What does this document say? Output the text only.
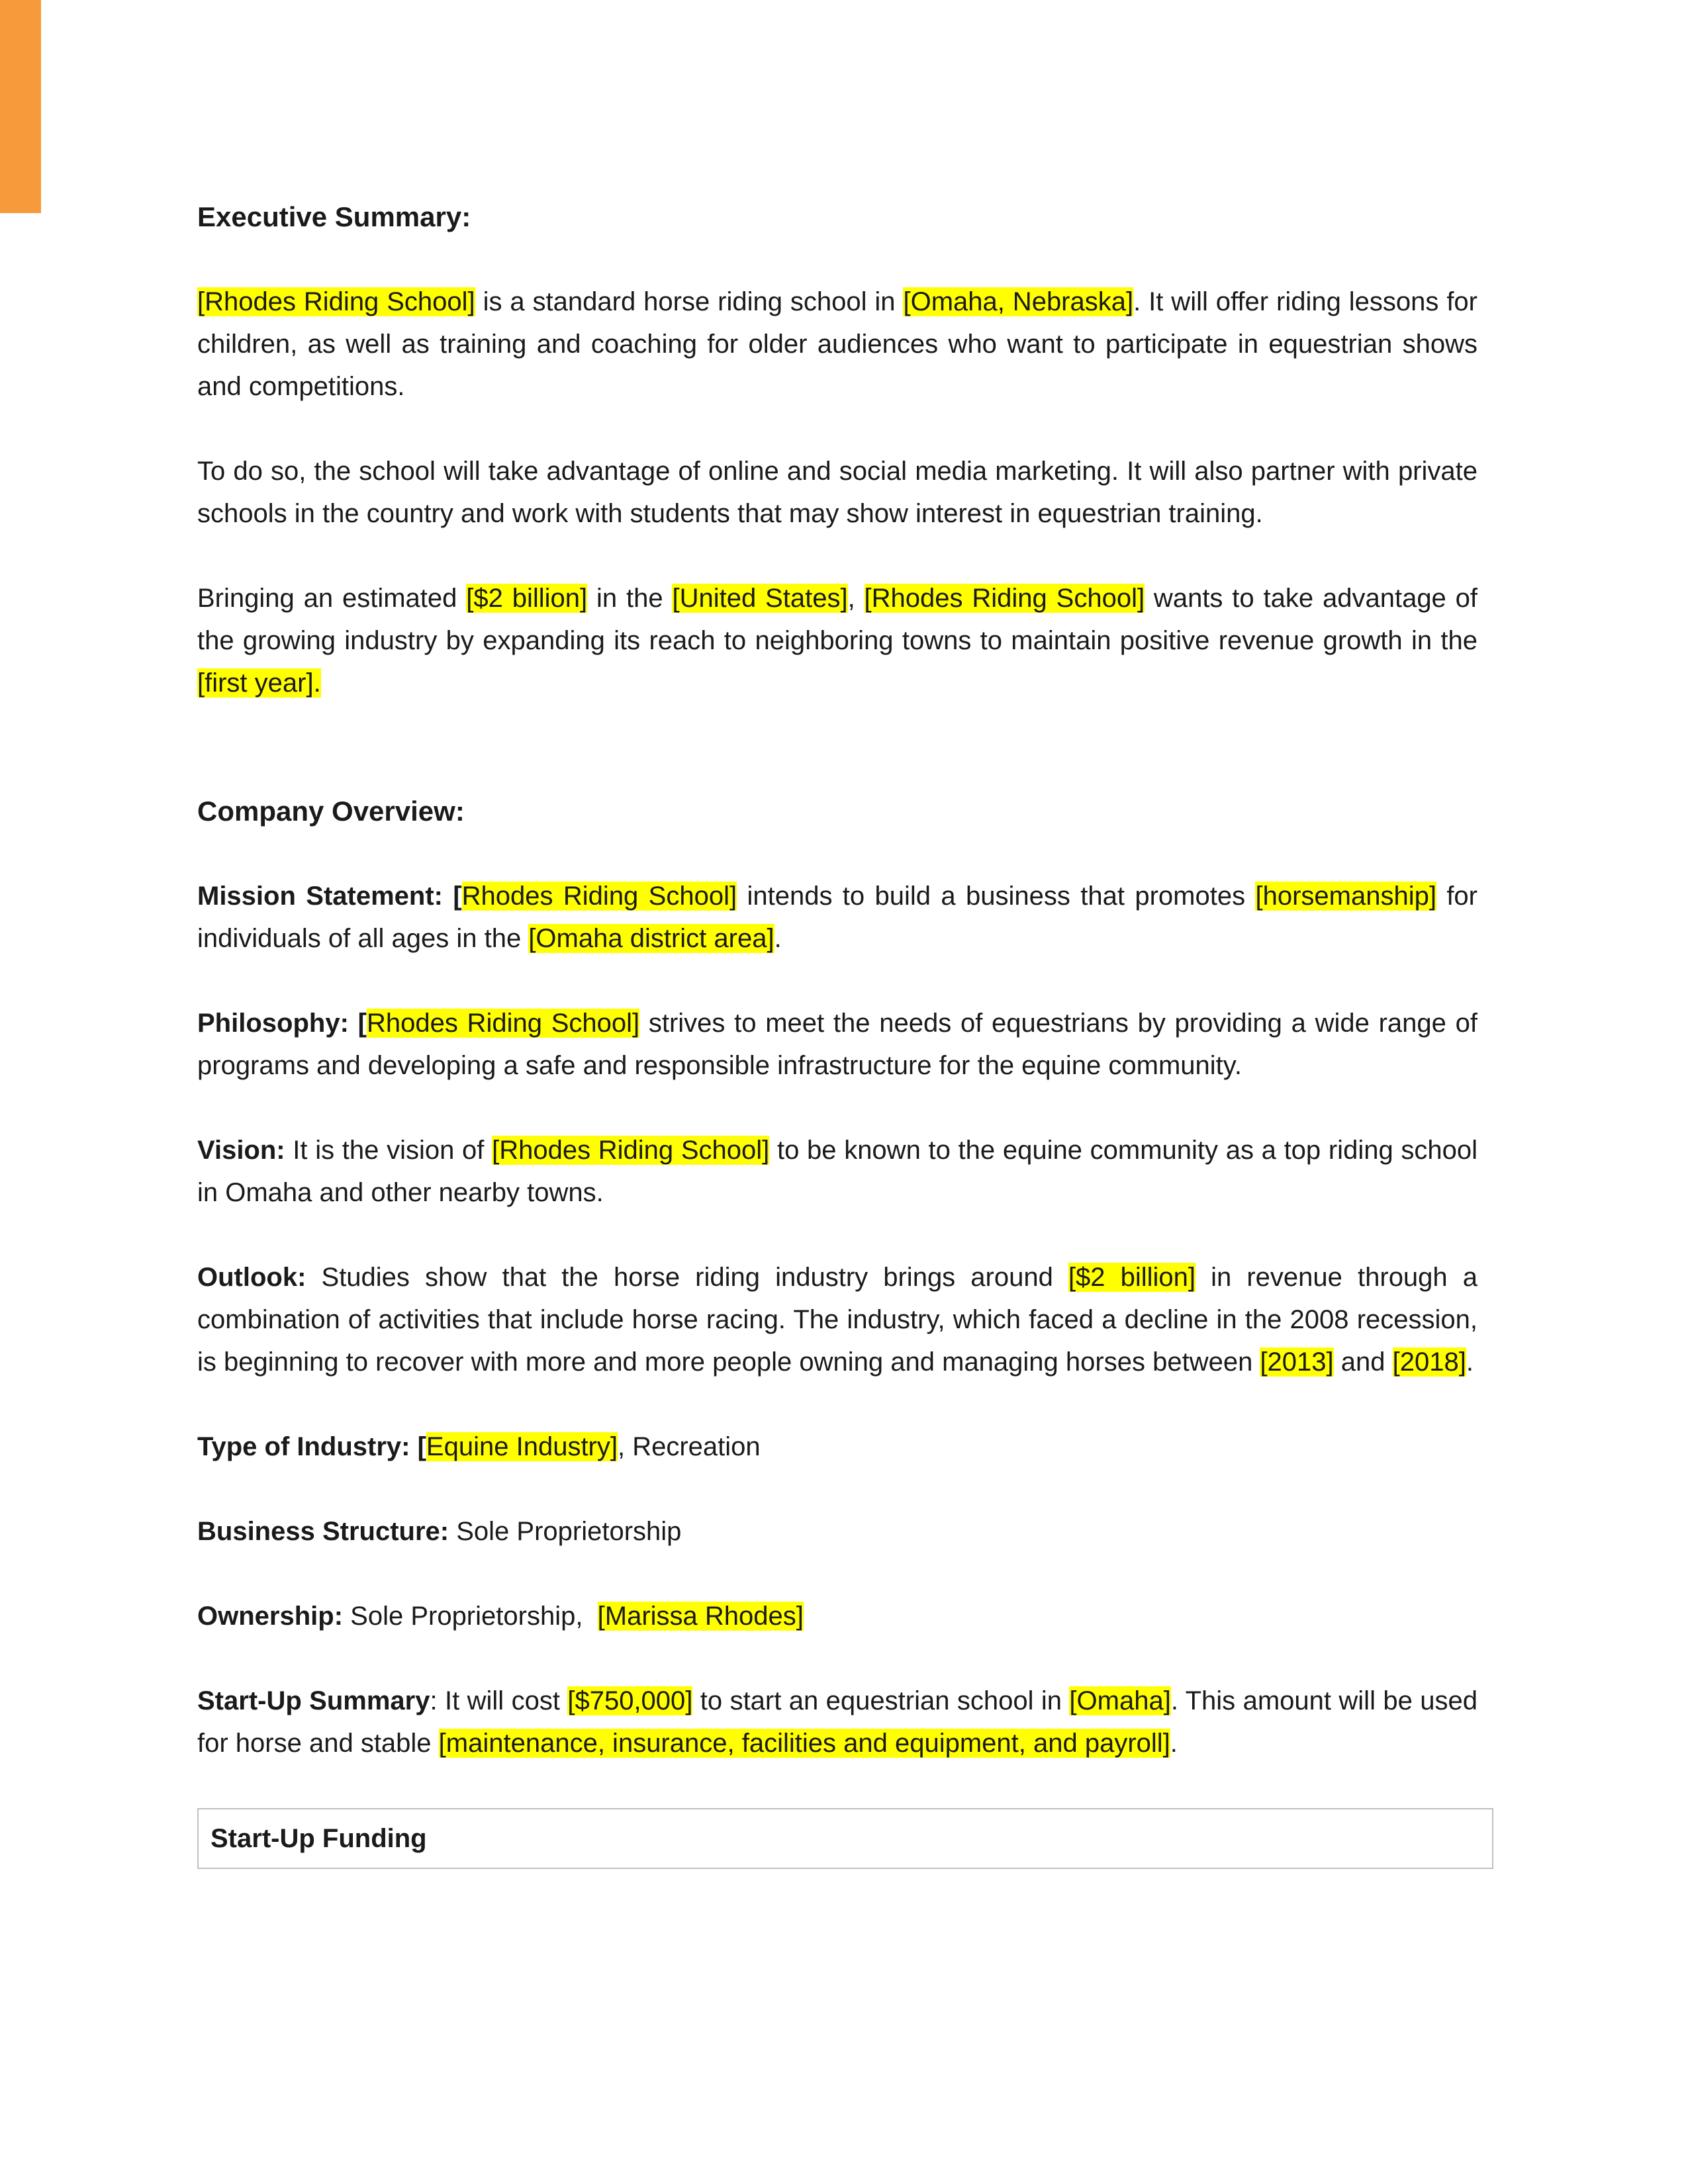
Executive Summary:

[Rhodes Riding School] is a standard horse riding school in [Omaha, Nebraska]. It will offer riding lessons for children, as well as training and coaching for older audiences who want to participate in equestrian shows and competitions.

To do so, the school will take advantage of online and social media marketing. It will also partner with private schools in the country and work with students that may show interest in equestrian training.

Bringing an estimated [$2 billion] in the [United States], [Rhodes Riding School] wants to take advantage of the growing industry by expanding its reach to neighboring towns to maintain positive revenue growth in the [first year].

Company Overview:

Mission Statement: [Rhodes Riding School] intends to build a business that promotes [horsemanship] for individuals of all ages in the [Omaha district area].

Philosophy: [Rhodes Riding School] strives to meet the needs of equestrians by providing a wide range of programs and developing a safe and responsible infrastructure for the equine community.

Vision: It is the vision of [Rhodes Riding School] to be known to the equine community as a top riding school in Omaha and other nearby towns.

Outlook: Studies show that the horse riding industry brings around [$2 billion] in revenue through a combination of activities that include horse racing. The industry, which faced a decline in the 2008 recession, is beginning to recover with more and more people owning and managing horses between [2013] and [2018].

Type of Industry: [Equine Industry], Recreation

Business Structure: Sole Proprietorship

Ownership: Sole Proprietorship,  [Marissa Rhodes]

Start-Up Summary: It will cost [$750,000] to start an equestrian school in [Omaha]. This amount will be used for horse and stable [maintenance, insurance, facilities and equipment, and payroll].

Start-Up Funding
